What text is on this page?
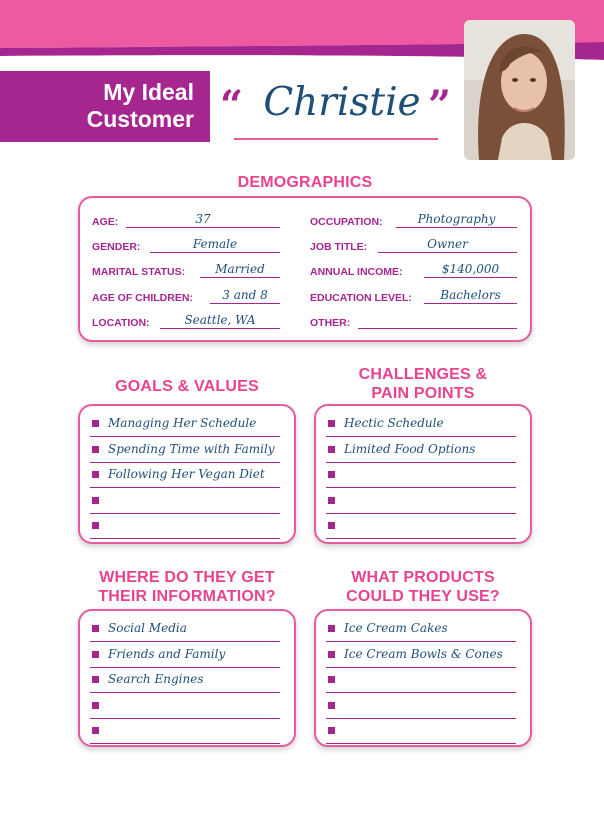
My Ideal
Customer “ Christie ”
DEMOGRAPHICS
AGE:	37
GENDER:	Female
MARITAL STATUS:	Married
AGE OF CHILDREN:	3 and 8
LOCATION:	Seattle, WA
OCCUPATION:	Photography
JOB TITLE:	Owner
ANNUAL INCOME:	$140,000
EDUCATION LEVEL:	Bachelors
OTHER:
GOALS & VALUES
Managing Her Schedule
Spending Time with Family
Following Her Vegan Diet
CHALLENGES &
PAIN POINTS
Hectic Schedule
Limited Food Options
WHERE DO THEY GET
THEIR INFORMATION?
Social Media
Friends and Family
Search Engines
WHAT PRODUCTS
COULD THEY USE?
Ice Cream Cakes
Ice Cream Bowls & Cones
